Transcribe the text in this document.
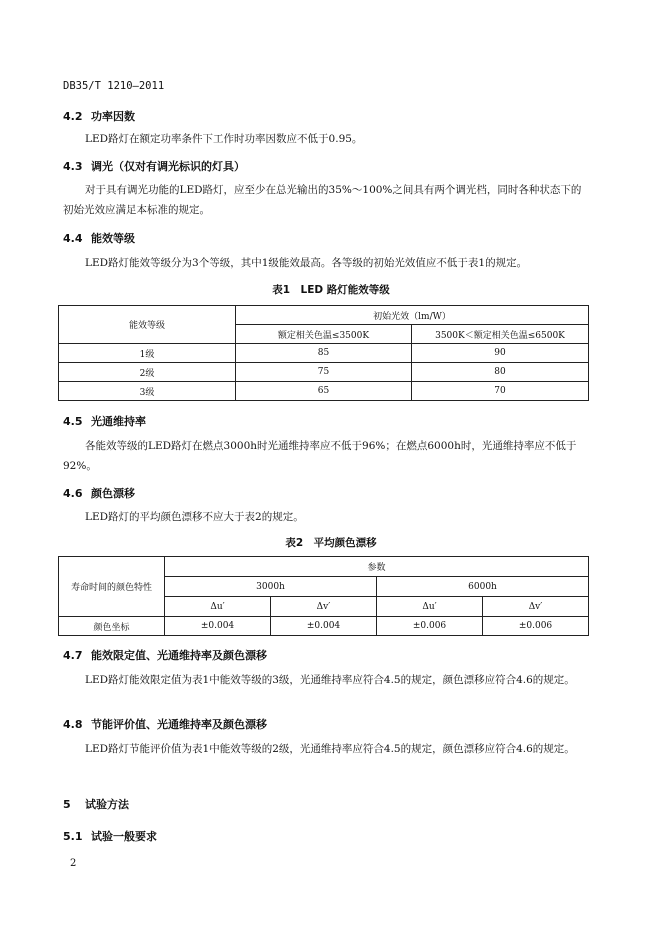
DB35/T 1210—2011
4.2 功率因数
LED路灯在额定功率条件下工作时功率因数应不低于0.95。
4.3 调光（仅对有调光标识的灯具）
对于具有调光功能的LED路灯，应至少在总光输出的35%～100%之间具有两个调光档，同时各种状态下的初始光效应满足本标准的规定。
4.4 能效等级
LED路灯能效等级分为3个等级，其中1级能效最高。各等级的初始光效值应不低于表1的规定。
表1　LED 路灯能效等级
能效等级	初始光效（lm/W）	
	额定相关色温≤3500K	3500K＜额定相关色温≤6500K
1级	85	90
2级	75	80
3级	65	70
4.5 光通维持率
各能效等级的LED路灯在燃点3000h时光通维持率应不低于96%；在燃点6000h时，光通维持率应不低于92%。
4.6 颜色漂移
LED路灯的平均颜色漂移不应大于表2的规定。
表2　平均颜色漂移
寿命时间的颜色特性	参数			
	3000h		6000h	
	Δu′	Δv′	Δu′	Δv′
颜色坐标	±0.004	±0.004	±0.006	±0.006
4.7 能效限定值、光通维持率及颜色漂移
LED路灯能效限定值为表1中能效等级的3级，光通维持率应符合4.5的规定，颜色漂移应符合4.6的规定。
4.8 节能评价值、光通维持率及颜色漂移
LED路灯节能评价值为表1中能效等级的2级，光通维持率应符合4.5的规定，颜色漂移应符合4.6的规定。
5 试验方法
5.1 试验一般要求
2
